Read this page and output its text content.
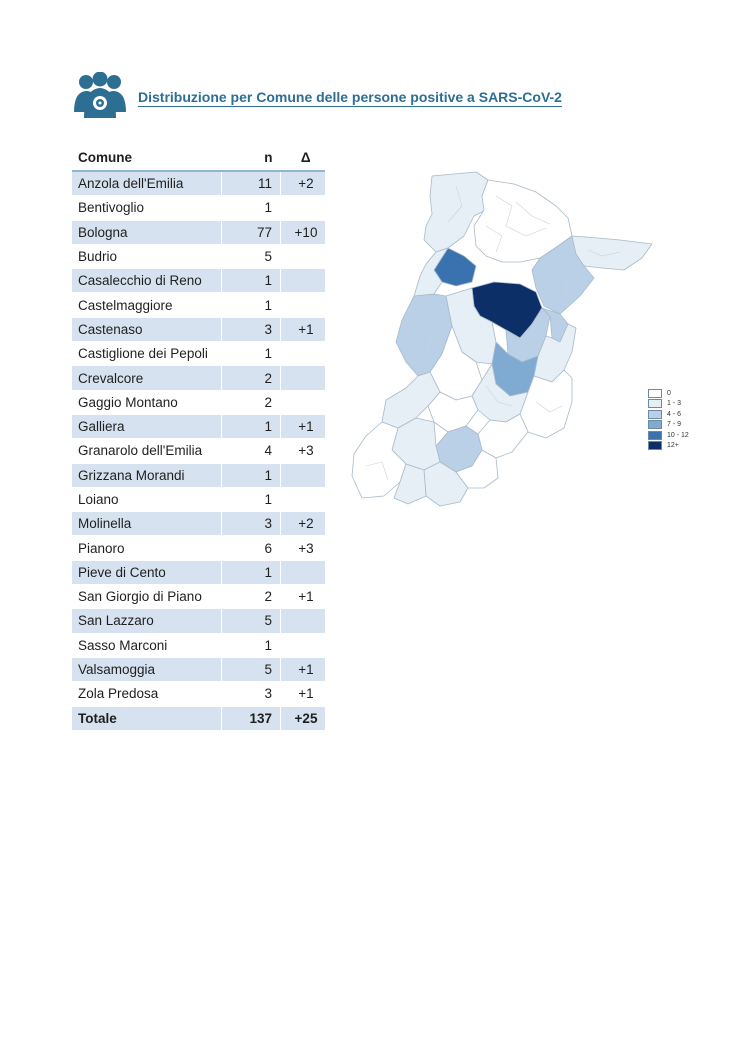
Distribuzione per Comune delle persone positive a SARS-CoV-2
Comune	n	Δ
Anzola dell'Emilia	11	+2
Bentivoglio	1	
Bologna	77	+10
Budrio	5	
Casalecchio di Reno	1	
Castelmaggiore	1	
Castenaso	3	+1
Castiglione dei Pepoli	1	
Crevalcore	2	
Gaggio Montano	2	
Galliera	1	+1
Granarolo dell'Emilia	4	+3
Grizzana Morandi	1	
Loiano	1	
Molinella	3	+2
Pianoro	6	+3
Pieve di Cento	1	
San Giorgio di Piano	2	+1
San Lazzaro	5	
Sasso Marconi	1	
Valsamoggia	5	+1
Zola Predosa	3	+1
Totale	137	+25
0
1 - 3
4 - 6
7 - 9
10 - 12
12+
